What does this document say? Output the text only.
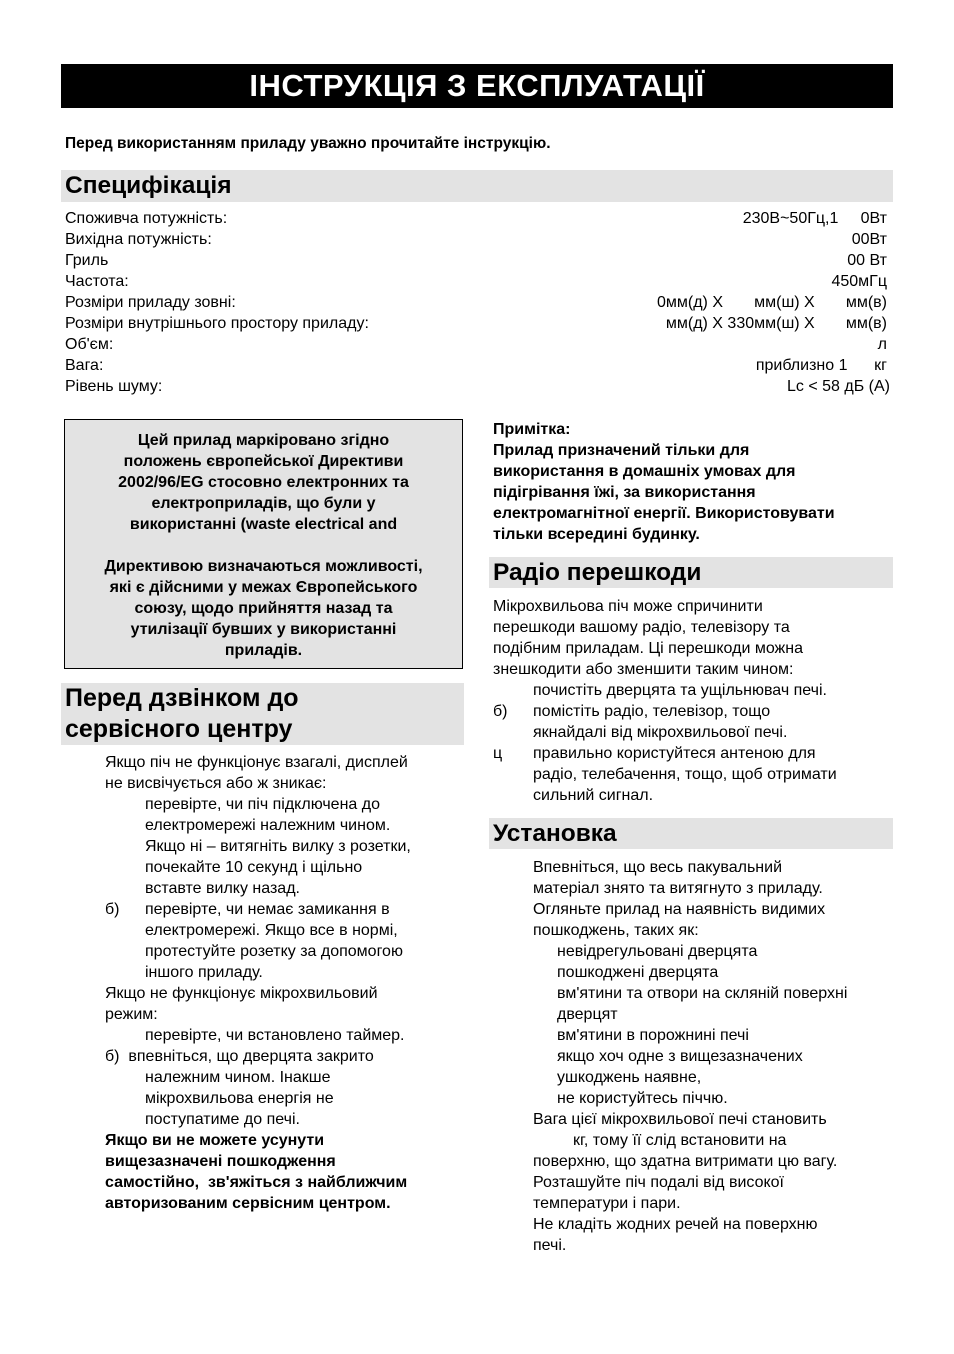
ІНСТРУКЦІЯ З ЕКСПЛУАТАЦІЇ
Перед використанням приладу уважно прочитайте інструкцію.
Специфікація
Споживча потужність:	230В~50Гц,1     0Вт
Вихідна потужність:	00Вт
Гриль	00 Вт
Частота:	450мГц
Розміри приладу зовні:	0мм(д) Х       мм(ш) Х       мм(в)
Розміри внутрішнього простору приладу:	мм(д) Х 330мм(ш) Х       мм(в)
Об'єм:	л
Вага:	приблизно 1      кг
Рівень шуму:	Lc < 58 дБ (А)

Цей прилад маркіровано згідно

положень європейської Директиви

2002/96/EG стосовно електронних та

електроприладів, що були у

використанні (waste electrical and

Директивою визначаються можливості,

які є дійсними у межах Європейського

союзу, щодо прийняття назад та

утилізації бувших у використанні

приладів.

Перед дзвінком до
сервісного центру
Якщо піч не функціонує взагалі, дисплей
не висвічується або ж зникає:
перевірте, чи піч підключена до
електромережі належним чином.
Якщо ні – витягніть вилку з розетки,
почекайте 10 секунд і щільно
вставте вилку назад.
б) перевірте, чи немає замикання в
електромережі. Якщо все в нормі,
протестуйте розетку за допомогою
іншого приладу.
Якщо не функціонує мікрохвильовий
режим:
перевірте, чи встановлено таймер.
б)  впевніться, що дверцята закрито
належним чином. Інакше
мікрохвильова енергія не
поступатиме до печі.
Якщо ви не можете усунути
вищезазначені пошкодження
самостійно,  зв'яжіться з найближчим
авторизованим сервісним центром.
Примітка:
Прилад призначений тільки для
використання в домашніх умовах для
підігрівання їжі, за використання
електромагнітної енергії. Використовувати
тільки всередині будинку.
Радіо перешкоди
Мікрохвильова піч може спричинити
перешкоди вашому радіо, телевізору та
подібним приладам. Ці перешкоди можна
знешкодити або зменшити таким чином:
почистіть дверцята та ущільнювач печі.
б) помістіть радіо, телевізор, тощо
якнайдалі від мікрохвильової печі.
ц правильно користуйтеся антеною для
радіо, телебачення, тощо, щоб отримати
сильний сигнал.
Установка
Впевніться, що весь пакувальний
матеріал знято та витягнуто з приладу.
Огляньте прилад на наявність видимих
пошкоджень, таких як:
невідрегульовані дверцята
пошкоджені дверцята
вм'ятини та отвори на скляній поверхні
дверцят
вм'ятини в порожнині печі
якщо хоч одне з вищезазначених
ушкоджень наявне,
не користуйтесь піччю.
Вага цієї мікрохвильової печі становить
кг, тому її слід встановити на
поверхню, що здатна витримати цю вагу.
Розташуйте піч подалі від високої
температури і пари.
Не кладіть жодних речей на поверхню
печі.
